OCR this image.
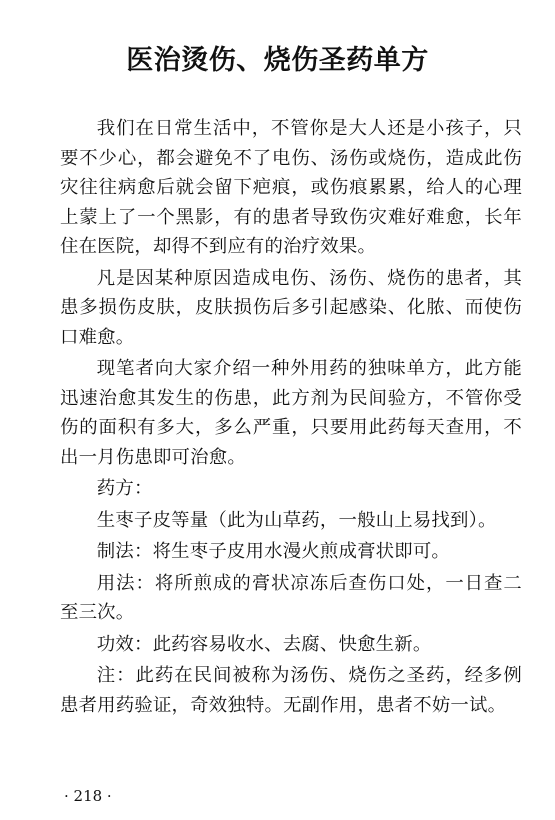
医治烫伤、烧伤圣药单方

我们在日常生活中，不管你是大人还是小孩子，只要不少心，都会避免不了电伤、汤伤或烧伤，造成此伤灾往往病愈后就会留下疤痕，或伤痕累累，给人的心理上蒙上了一个黑影，有的患者导致伤灾难好难愈，长年住在医院，却得不到应有的治疗效果。

凡是因某种原因造成电伤、汤伤、烧伤的患者，其患多损伤皮肤，皮肤损伤后多引起感染、化脓、而使伤口难愈。

现笔者向大家介绍一种外用药的独味单方，此方能迅速治愈其发生的伤患，此方剂为民间验方，不管你受伤的面积有多大，多么严重，只要用此药每天查用，不出一月伤患即可治愈。

药方：

生枣子皮等量（此为山草药，一般山上易找到）。

制法：将生枣子皮用水漫火煎成膏状即可。

用法：将所煎成的膏状凉冻后查伤口处，一日查二至三次。

功效：此药容易收水、去腐、快愈生新。

注：此药在民间被称为汤伤、烧伤之圣药，经多例患者用药验证，奇效独特。无副作用，患者不妨一试。

· 218 ·
